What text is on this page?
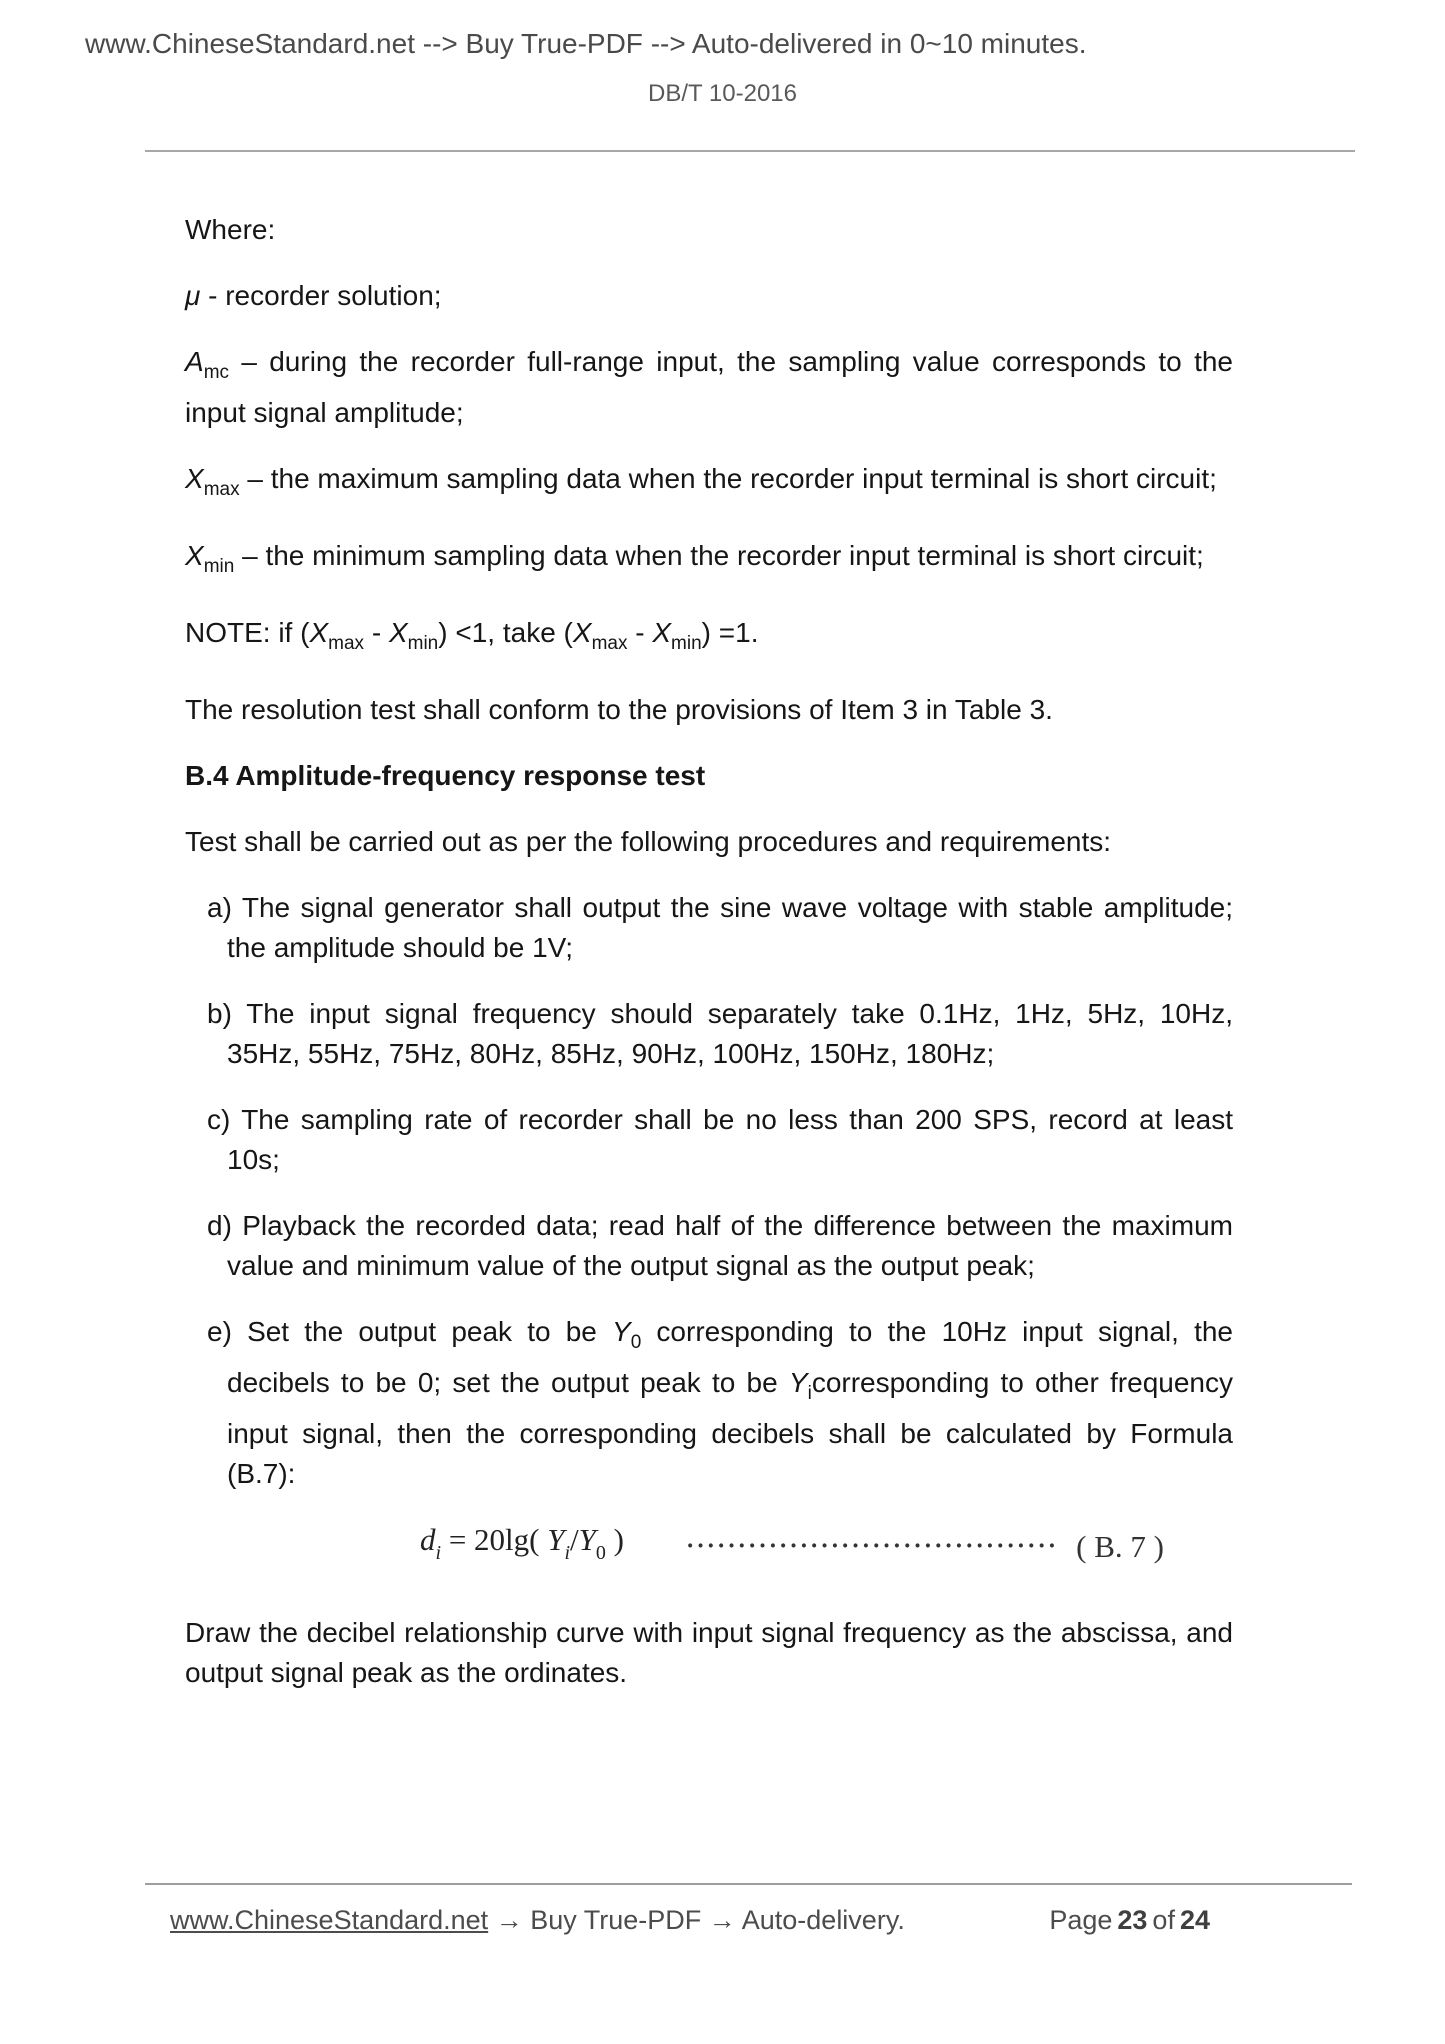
www.ChineseStandard.net --> Buy True-PDF --> Auto-delivered in 0~10 minutes.
DB/T 10-2016

Where:

μ - recorder solution;

$A_{mc}$ – during the recorder full-range input, the sampling value corresponds to the input signal amplitude;

$X_{max}$ – the maximum sampling data when the recorder input terminal is short circuit;

$X_{min}$ – the minimum sampling data when the recorder input terminal is short circuit;

NOTE: if $(X_{max} - X_{min}) <1$, take $(X_{max} - X_{min}) =1$.

The resolution test shall conform to the provisions of Item 3 in Table 3.

B.4 Amplitude-frequency response test

Test shall be carried out as per the following procedures and requirements:

a) The signal generator shall output the sine wave voltage with stable amplitude; the amplitude should be 1V;

b) The input signal frequency should separately take 0.1Hz, 1Hz, 5Hz, 10Hz, 35Hz, 55Hz, 75Hz, 80Hz, 85Hz, 90Hz, 100Hz, 150Hz, 180Hz;

c) The sampling rate of recorder shall be no less than 200 SPS, record at least 10s;

d) Playback the recorded data; read half of the difference between the maximum value and minimum value of the output signal as the output peak;

e) Set the output peak to be $Y_0$ corresponding to the 10Hz input signal, the decibels to be 0; set the output peak to be $Y_icorresponding$ to other frequency input signal, then the corresponding decibels shall be calculated by Formula (B.7):

$d_i = 20\lg$( $Y_i/Y_0$ ) ···································· ( B. 7 )

Draw the decibel relationship curve with input signal frequency as the abscissa, and output signal peak as the ordinates.

www.ChineseStandard.net → Buy True-PDF → Auto-delivery.	Page 23 of 24
